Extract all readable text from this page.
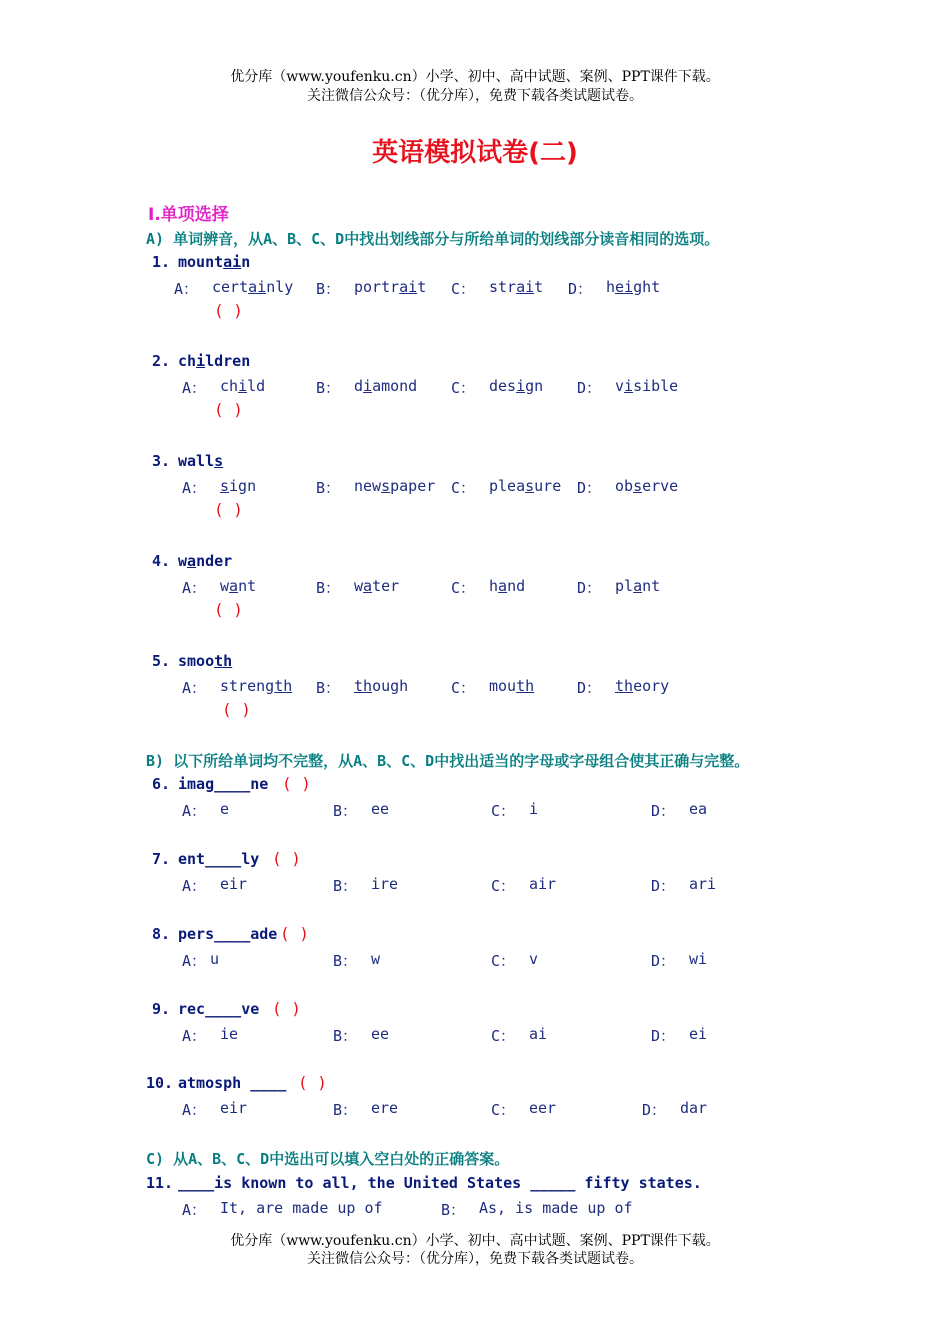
优分库（www.youfenku.cn）小学、初中、高中试题、案例、PPT课件下载。
关注微信公众号：（优分库），免费下载各类试题试卷。
英语模拟试卷(二)
Ⅰ.单项选择
A) 单词辨音，从A、B、C、D中找出划线部分与所给单词的划线部分读音相同的选项。
1. mountain
A： certainly B： portrait C： strait D： height
( )
2. children
A： child	B： diamond C： design D： visible
( )
3. walls
A： sign	B： newspaper C： pleasure D： observe
( )
4. wander
A： want	B： water	C： hand	D： plant
( )
5. smooth
A： strength B： though	C： mouth	D： theory
( )
B) 以下所给单词均不完整，从A、B、C、D中找出适当的字母或字母组合使其正确与完整。
6. imag____ne ( )
A： e	B： ee	C： i	D： ea
7. ent____ly ( )
A： eir	B： ire	C： air	D： ari
8. pers____ade ( )
A： u	B： w	C： v	D： wi
9. rec____ve ( )
A： ie	B： ee	C： ai	D： ei
10. atmosph ____ ( )
A： eir	B： ere	C： eer	D： dar
C) 从A、B、C、D中选出可以填入空白处的正确答案。
11. ____is known to all, the United States _____ fifty states.
A： It, are made up of	B： As, is made up of
优分库（www.youfenku.cn）小学、初中、高中试题、案例、PPT课件下载。
关注微信公众号：（优分库），免费下载各类试题试卷。
